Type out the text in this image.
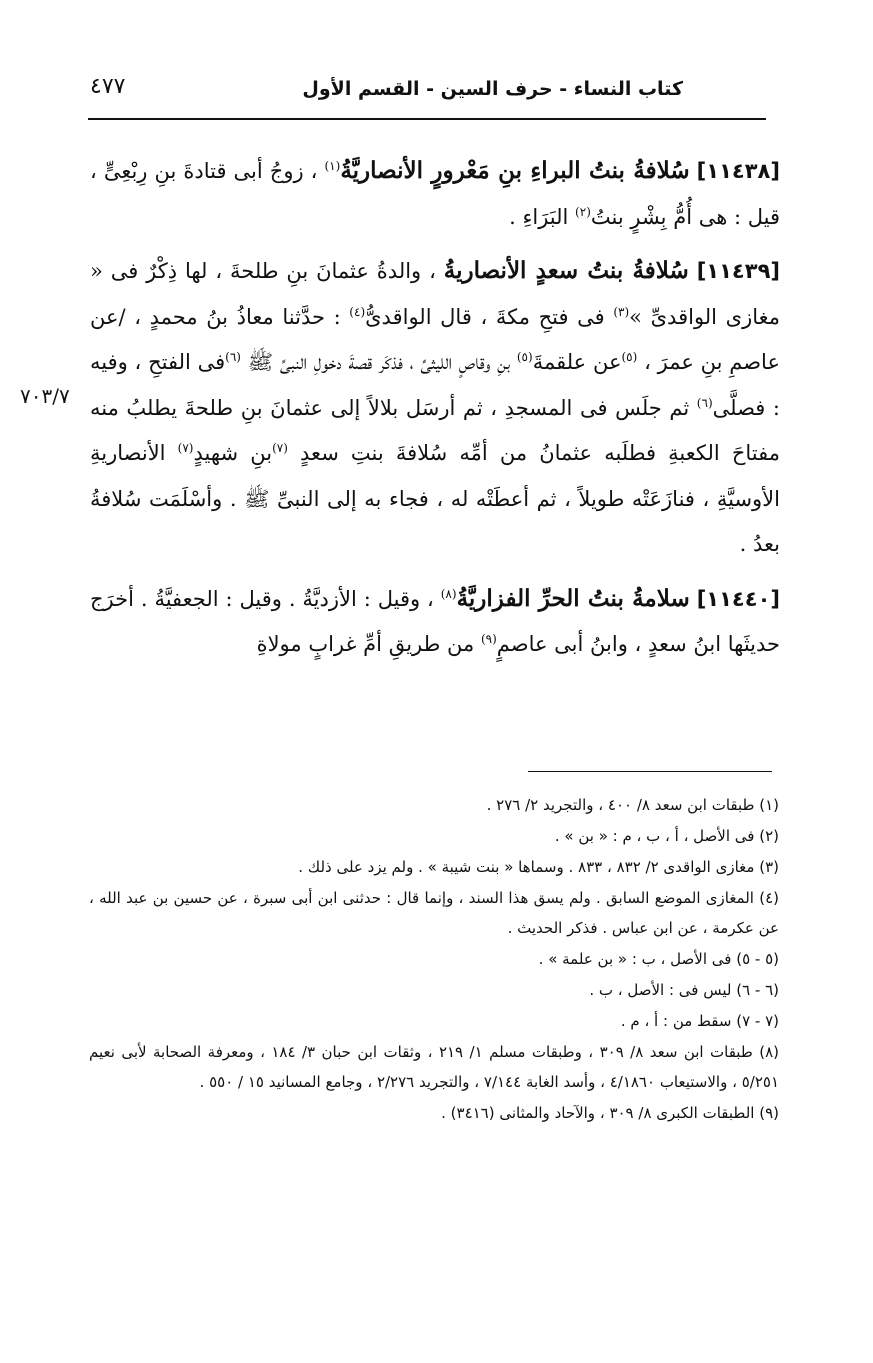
كتاب النساء - حرف السين - القسم الأول
٤٧٧
٧٠٣/٧

[١١٤٣٨] سُلافةُ بنتُ البراءِ بنِ مَعْرورٍ الأنصاريَّةُ$^{(١)}$ ، زوجُ أبى قتادةَ بنِ رِبْعِىٍّ ، قيل : هى أُمُّ بِشْرٍ بنتُ$^{(٢)}$ البَرَاءِ .

[١١٤٣٩] سُلافةُ بنتُ سعدٍ الأنصاريةُ ، والدةُ عثمانَ بنِ طلحةَ ، لها ذِكْرٌ فى « مغازى الواقدىِّ »$^{(٣)}$ فى فتحِ مكةَ ، قال الواقدىُّ$^{(٤)}$ : حدَّثنا معاذُ بنُ محمدٍ ، /عن عاصمِ بنِ عمرَ ، $^{(٥)}$عن علقمةَ$^{(٥)}$ بنِ وقاصٍ الليثىِّ ، فذكَر قصةَ دخولِ النبىِّ ﷺ $^{(٦)}$فى الفتحِ ، وفيه : فصلَّى$^{(٦)}$ ثم جلَس فى المسجدِ ، ثم أرسَل بلالاً إلى عثمانَ بنِ طلحةَ يطلبُ منه مفتاحَ الكعبةِ فطلَبه عثمانُ من أمِّه سُلافةَ بنتِ سعدٍ $^{(٧)}$بنِ شهيدٍ$^{(٧)}$ الأنصاريةِ الأوسيَّةِ ، فنازَعَتْه طويلاً ، ثم أعطَتْه له ، فجاء به إلى النبىِّ ﷺ . وأسْلَمَت سُلافةُ بعدُ .

[١١٤٤٠] سلامةُ بنتُ الحرِّ الفزاريَّةُ$^{(٨)}$ ، وقيل : الأزديَّةُ . وقيل : الجعفيَّةُ . أخرَج حديثَها ابنُ سعدٍ ، وابنُ أبى عاصمٍ$^{(٩)}$ من طريقِ أمِّ غرابٍ مولاةِ

(١) طبقات ابن سعد ٨/ ٤٠٠ ، والتجريد ٢/ ٢٧٦ .
(٢) فى الأصل ، أ ، ب ، م : « بن » .
(٣) مغازى الواقدى ٢/ ٨٣٢ ، ٨٣٣ . وسماها « بنت شيبة » . ولم يزد على ذلك .
(٤) المغازى الموضع السابق . ولم يسق هذا السند ، وإنما قال : حدثنى ابن أبى سبرة ، عن حسين بن عبد الله ، عن عكرمة ، عن ابن عباس . فذكر الحديث .
(٥ - ٥) فى الأصل ، ب : « بن علمة » .
(٦ - ٦) ليس فى : الأصل ، ب .
(٧ - ٧) سقط من : أ ، م .
(٨) طبقات ابن سعد ٨/ ٣٠٩ ، وطبقات مسلم ١/ ٢١٩ ، وثقات ابن حبان ٣/ ١٨٤ ، ومعرفة الصحابة لأبى نعيم ٥/٢٥١ ، والاستيعاب ٤/١٨٦٠ ، وأسد الغابة ٧/١٤٤ ، والتجريد ٢/٢٧٦ ، وجامع المسانيد ١٥ / ٥٥٠ .
(٩) الطبقات الكبرى ٨/ ٣٠٩ ، والآحاد والمثانى (٣٤١٦) .
